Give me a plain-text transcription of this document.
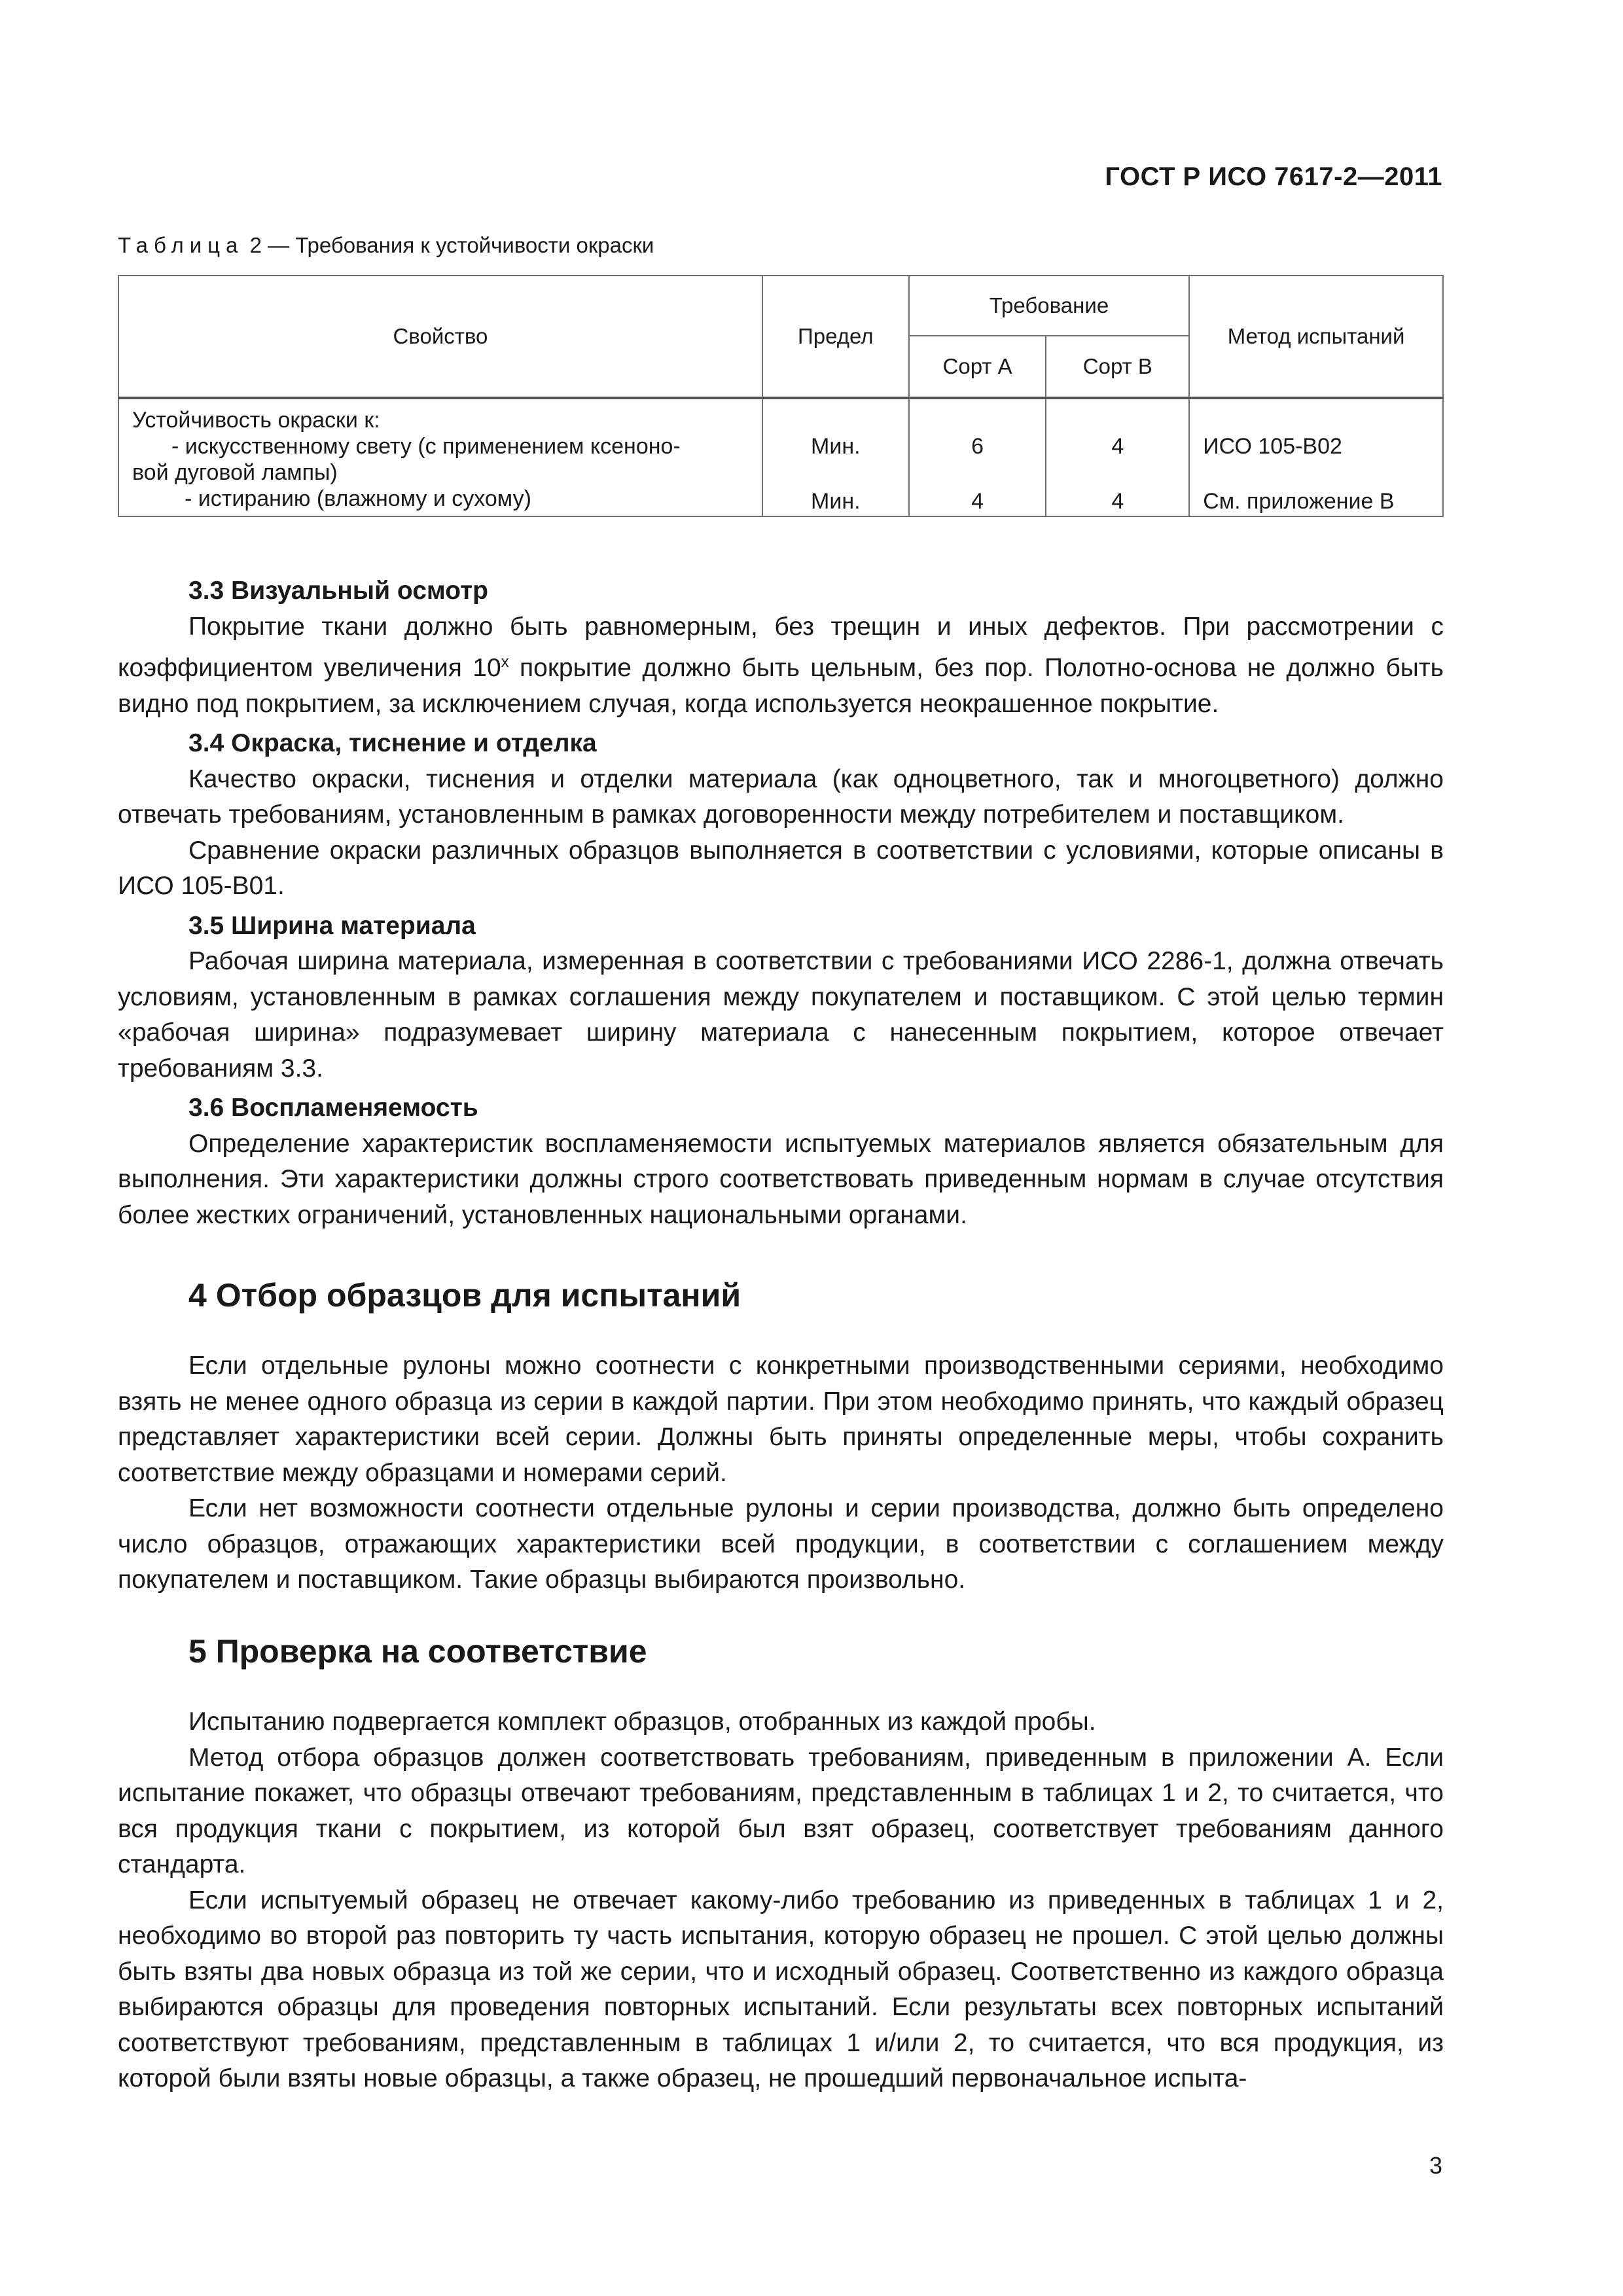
ГОСТ Р ИСО 7617-2—2011
Таблица 2 — Требования к устойчивости окраски
Свойство	Предел	Требование		Метод испытаний
		Сорт А	Сорт В	

Устойчивость окраски к:
- искусственному свету (с применением ксеноно-
вой дуговой лампы)	Мин.	6	4	ИСО 105-В02

- истиранию (влажному и сухому)	Мин.	4	4	См. приложение В
3.3 Визуальный осмотр

Покрытие ткани должно быть равномерным, без трещин и иных дефектов. При рассмотрении с коэффициентом увеличения $10^х$ покрытие должно быть цельным, без пор. Полотно-основа не должно быть видно под покрытием, за исключением случая, когда используется неокрашенное покрытие.

3.4 Окраска, тиснение и отделка

Качество окраски, тиснения и отделки материала (как одноцветного, так и многоцветного) должно отвечать требованиям, установленным в рамках договоренности между потребителем и поставщиком.

Сравнение окраски различных образцов выполняется в соответствии с условиями, которые описаны в ИСО 105-В01.

3.5 Ширина материала

Рабочая ширина материала, измеренная в соответствии с требованиями ИСО 2286-1, должна отвечать условиям, установленным в рамках соглашения между покупателем и поставщиком. С этой целью термин «рабочая ширина» подразумевает ширину материала с нанесенным покрытием, которое отвечает требованиям 3.3.

3.6 Воспламеняемость

Определение характеристик воспламеняемости испытуемых материалов является обязательным для выполнения. Эти характеристики должны строго соответствовать приведенным нормам в случае отсутствия более жестких ограничений, установленных национальными органами.

4 Отбор образцов для испытаний

Если отдельные рулоны можно соотнести с конкретными производственными сериями, необходимо взять не менее одного образца из серии в каждой партии. При этом необходимо принять, что каждый образец представляет характеристики всей серии. Должны быть приняты определенные меры, чтобы сохранить соответствие между образцами и номерами серий.

Если нет возможности соотнести отдельные рулоны и серии производства, должно быть определено число образцов, отражающих характеристики всей продукции, в соответствии с соглашением между покупателем и поставщиком. Такие образцы выбираются произвольно.

5 Проверка на соответствие

Испытанию подвергается комплект образцов, отобранных из каждой пробы.

Метод отбора образцов должен соответствовать требованиям, приведенным в приложении А. Если испытание покажет, что образцы отвечают требованиям, представленным в таблицах 1 и 2, то считается, что вся продукция ткани с покрытием, из которой был взят образец, соответствует требованиям данного стандарта.

Если испытуемый образец не отвечает какому-либо требованию из приведенных в таблицах 1 и 2, необходимо во второй раз повторить ту часть испытания, которую образец не прошел. С этой целью должны быть взяты два новых образца из той же серии, что и исходный образец. Соответственно из каждого образца выбираются образцы для проведения повторных испытаний. Если результаты всех повторных испытаний соответствуют требованиям, представленным в таблицах 1 и/или 2, то считается, что вся продукция, из которой были взяты новые образцы, а также образец, не прошедший первоначальное испыта-

3
